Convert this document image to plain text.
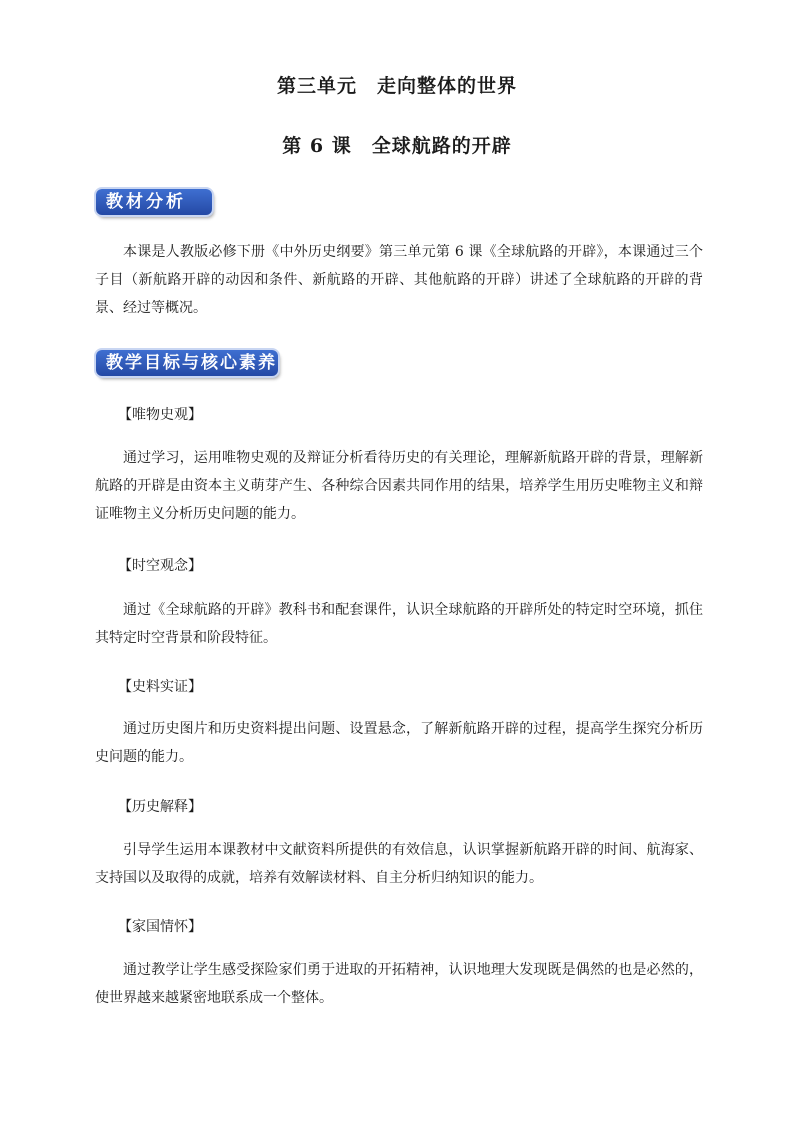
第三单元　走向整体的世界
第 6 课　全球航路的开辟
教材分析

本课是人教版必修下册《中外历史纲要》第三单元第 6 课《全球航路的开辟》，本课通过三个子目（新航路开辟的动因和条件、新航路的开辟、其他航路的开辟）讲述了全球航路的开辟的背景、经过等概况。

教学目标与核心素养

【唯物史观】

通过学习，运用唯物史观的及辩证分析看待历史的有关理论，理解新航路开辟的背景，理解新航路的开辟是由资本主义萌芽产生、各种综合因素共同作用的结果，培养学生用历史唯物主义和辩证唯物主义分析历史问题的能力。

【时空观念】

通过《全球航路的开辟》教科书和配套课件，认识全球航路的开辟所处的特定时空环境，抓住其特定时空背景和阶段特征。

【史料实证】

通过历史图片和历史资料提出问题、设置悬念，了解新航路开辟的过程，提高学生探究分析历史问题的能力。

【历史解释】

引导学生运用本课教材中文献资料所提供的有效信息，认识掌握新航路开辟的时间、航海家、支持国以及取得的成就，培养有效解读材料、自主分析归纳知识的能力。

【家国情怀】

通过教学让学生感受探险家们勇于进取的开拓精神，认识地理大发现既是偶然的也是必然的，使世界越来越紧密地联系成一个整体。
